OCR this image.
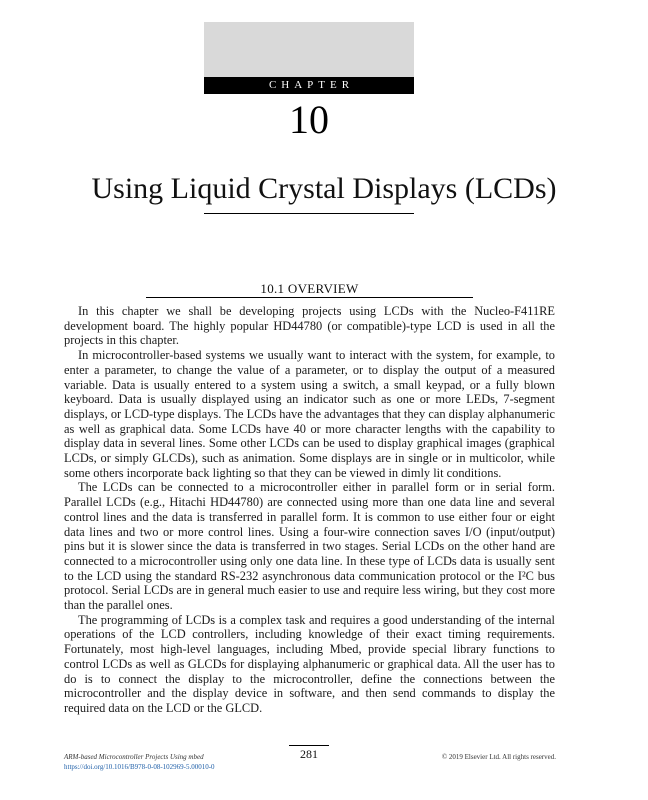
CHAPTER
10
Using Liquid Crystal Displays (LCDs)
10.1 OVERVIEW

In this chapter we shall be developing projects using LCDs with the Nucleo-F411RE development board. The highly popular HD44780 (or compatible)-type LCD is used in all the projects in this chapter.

In microcontroller-based systems we usually want to interact with the system, for example, to enter a parameter, to change the value of a parameter, or to display the output of a measured variable. Data is usually entered to a system using a switch, a small keypad, or a fully blown keyboard. Data is usually displayed using an indicator such as one or more LEDs, 7-segment displays, or LCD-type displays. The LCDs have the advantages that they can display alphanumeric as well as graphical data. Some LCDs have 40 or more character lengths with the capability to display data in several lines. Some other LCDs can be used to display graphical images (graphical LCDs, or simply GLCDs), such as animation. Some displays are in single or in multicolor, while some others incorporate back lighting so that they can be viewed in dimly lit conditions.

The LCDs can be connected to a microcontroller either in parallel form or in serial form. Parallel LCDs (e.g., Hitachi HD44780) are connected using more than one data line and several control lines and the data is transferred in parallel form. It is common to use either four or eight data lines and two or more control lines. Using a four-wire connection saves I/O (input/output) pins but it is slower since the data is transferred in two stages. Serial LCDs on the other hand are connected to a microcontroller using only one data line. In these type of LCDs data is usually sent to the LCD using the standard RS-232 asynchronous data communication protocol or the I²C bus protocol. Serial LCDs are in general much easier to use and require less wiring, but they cost more than the parallel ones.

The programming of LCDs is a complex task and requires a good understanding of the internal operations of the LCD controllers, including knowledge of their exact timing requirements. Fortunately, most high-level languages, including Mbed, provide special library functions to control LCDs as well as GLCDs for displaying alphanumeric or graphical data. All the user has to do is to connect the display to the microcontroller, define the connections between the microcontroller and the display device in software, and then send commands to display the required data on the LCD or the GLCD.

ARM-based Microcontroller Projects Using mbed
https://doi.org/10.1016/B978-0-08-102969-5.00010-0
281	© 2019 Elsevier Ltd. All rights reserved.
